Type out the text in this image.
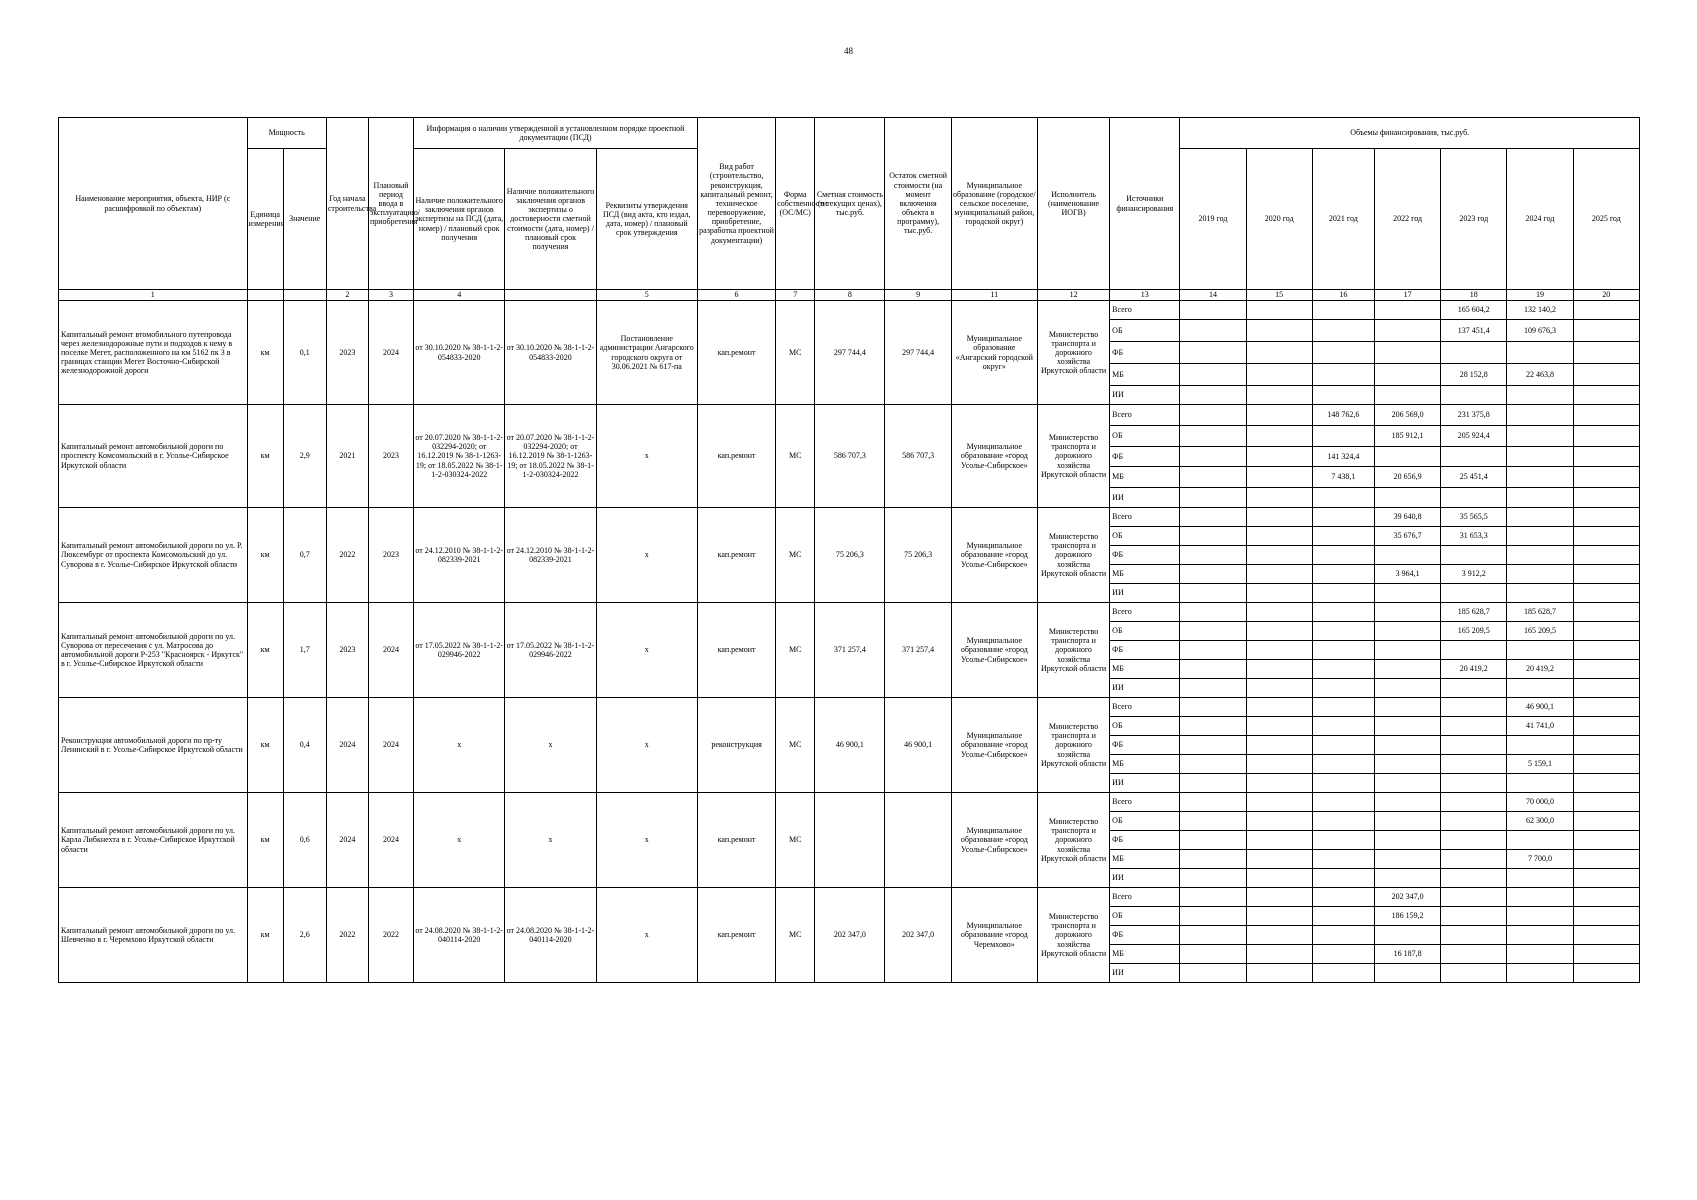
48
Наименование мероприятия, объекта, НИР (с расшифровкой по объектам)	Мощность		Год начала строительства	Плановый период ввода в эксплуатацию/приобретения	Информация о наличии утвержденной в установленном порядке проектной документации (ПСД)			Вид работ (строительство, реконструкция, капитальный ремонт, техническое перевооружение, приобретение, разработка проектной документации)	Форма собственности (ОС/МС)	Сметная стоимость (в текущих ценах), тыс.руб.	Остаток сметной стоимости (на момент включения объекта в программу), тыс.руб.	Муниципальное образование (городское/сельское поселение, муниципальный район, городской округ)	Исполнитель (наименование ИОГВ)	Источники финансирования	Объемы финансирования, тыс.руб.						
	Единица измерения	Значение			Наличие положительного заключения органов экспертизы на ПСД (дата, номер) / плановый срок получения	Наличие положительного заключения органов экспертизы о достоверности сметной стоимости (дата, номер) / плановый срок получения	Реквизиты утверждения ПСД (вид акта, кто издал, дата, номер) / плановый срок утверждения								2019 год	2020 год	2021 год	2022 год	2023 год	2024 год	2025 год
1			2	3	4		5	6	7	8	9	11	12	13	14	15	16	17	18	19	20
Капитальный ремонт втомобильного путепровода через железнодорожные пути и подходов к нему в поселке Мегет, расположенного на км 5162 пк 3 в границах станции Мегет Восточно-Сибирской железнодорожной дороги	км	0,1	2023	2024	от 30.10.2020 № 38-1-1-2-054833-2020	от 30.10.2020 № 38-1-1-2-054833-2020	Постановление администрации Ангарского городского округа от 30.06.2021 № 617-па	кап.ремонт	МС	297 744,4	297 744,4	Муниципальное образование «Ангарский городской округ»	Министерство транспорта и дорожного хозяйства Иркутской области	Всего					165 604,2	132 140,2	
														ОБ					137 451,4	109 676,3	
														ФБ							
														МБ					28 152,8	22 463,8	
														ИИ							
Капитальный ремонт автомобильной дороги по проспекту Комсомольский в г. Усолье-Сибирское Иркутской области	км	2,9	2021	2023	от 20.07.2020 № 38-1-1-2-032294-2020; от 16.12.2019 № 38-1-1263-19; от 18.05.2022 № 38-1-1-2-030324-2022	от 20.07.2020 № 38-1-1-2-032294-2020; от 16.12.2019 № 38-1-1263-19; от 18.05.2022 № 38-1-1-2-030324-2022	х	кап.ремонт	МС	586 707,3	586 707,3	Муниципальное образование «город Усолье-Сибирское»	Министерство транспорта и дорожного хозяйства Иркутской области	Всего			148 762,6	206 569,0	231 375,8		
														ОБ				185 912,1	205 924,4		
														ФБ			141 324,4				
														МБ			7 438,1	20 656,9	25 451,4		
														ИИ							
Капитальный ремонт автомобильной дороги по ул. Р. Люксембург от проспекта Комсомольский до ул. Суворова в г. Усолье-Сибирское Иркутской области	км	0,7	2022	2023	от 24.12.2010 № 38-1-1-2-082339-2021	от 24.12.2010 № 38-1-1-2-082339-2021	х	кап.ремонт	МС	75 206,3	75 206,3	Муниципальное образование «город Усолье-Сибирское»	Министерство транспорта и дорожного хозяйства Иркутской области	Всего				39 640,8	35 565,5		
														ОБ				35 676,7	31 653,3		
														ФБ							
														МБ				3 964,1	3 912,2		
														ИИ							
Капитальный ремонт автомобильной дороги по ул. Суворова от пересечения с ул. Матросова до автомобильной дороги Р-253 "Красноярск - Иркутск" в г. Усолье-Сибирское Иркутской области	км	1,7	2023	2024	от 17.05.2022 № 38-1-1-2-029946-2022	от 17.05.2022 № 38-1-1-2-029946-2022	х	кап.ремонт	МС	371 257,4	371 257,4	Муниципальное образование «город Усолье-Сибирское»	Министерство транспорта и дорожного хозяйства Иркутской области	Всего					185 628,7	185 628,7	
														ОБ					165 209,5	165 209,5	
														ФБ							
														МБ					20 419,2	20 419,2	
														ИИ							
Реконструкция автомобильной дороги по пр-ту Ленинский в г. Усолье-Сибирское Иркутской области	км	0,4	2024	2024	х	х	х	реконструкция	МС	46 900,1	46 900,1	Муниципальное образование «город Усолье-Сибирское»	Министерство транспорта и дорожного хозяйства Иркутской области	Всего						46 900,1	
														ОБ						41 741,0	
														ФБ							
														МБ						5 159,1	
														ИИ							
Капитальный ремонт автомобильной дороги по ул. Карла Либкнехта в г. Усолье-Сибирское Иркутской области	км	0,6	2024	2024	х	х	х	кап.ремонт	МС			Муниципальное образование «город Усолье-Сибирское»	Министерство транспорта и дорожного хозяйства Иркутской области	Всего						70 000,0	
														ОБ						62 300,0	
														ФБ							
														МБ						7 700,0	
														ИИ							
Капитальный ремонт автомобильной дороги по ул. Шевченко в г. Черемхово Иркутской области	км	2,6	2022	2022	от 24.08.2020 № 38-1-1-2-040114-2020	от 24.08.2020 № 38-1-1-2-040114-2020	х	кап.ремонт	МС	202 347,0	202 347,0	Муниципальное образование «город Черемхово»	Министерство транспорта и дорожного хозяйства Иркутской области	Всего				202 347,0			
														ОБ				186 159,2			
														ФБ							
														МБ				16 187,8			
														ИИ							
